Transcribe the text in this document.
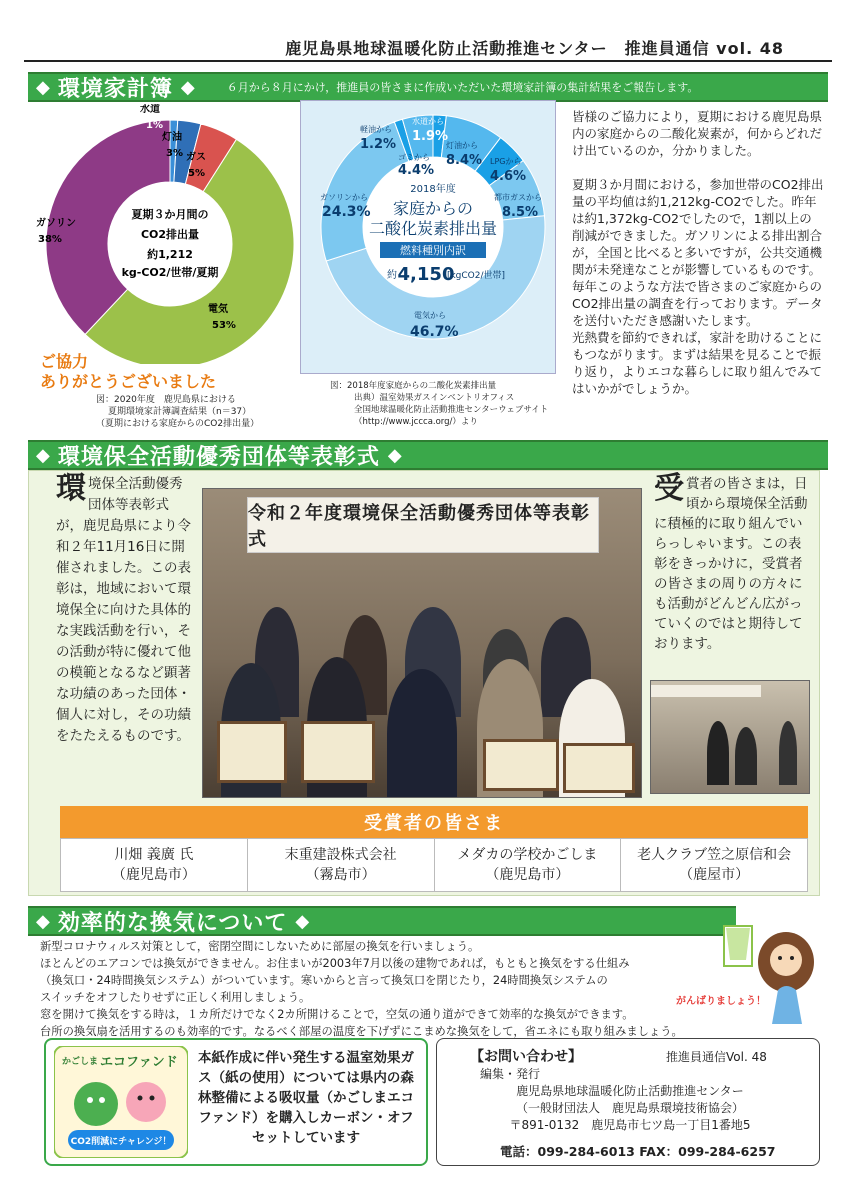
鹿児島県地球温暖化防止活動推進センター　推進員通信 vol. 48
◆ 環境家計簿 ◆	６月から８月にかけ，推進員の皆さまに作成いただいた環境家計簿の集計結果をご報告します。
水道
1%
灯油
3% ガス
5%
ガソリン
38%
電気
53%
夏期３か月間の
CO2排出量
約1,212
kg-CO2/世帯/夏期
ご協力
ありがとうございました
図：2020年度　鹿児島県における
夏期環境家計簿調査結果（n＝37）
（夏期における家庭からのCO2排出量）
2018年度
家庭からの
二酸化炭素排出量
燃料種別内訳
約 4,150
[kgCO2/世帯]
軽油から
1.2%
水道から
1.9%
ゴミから
4.4%
灯油から
8.4% LPGから
4.6%
都市ガスから
8.5%
ガソリンから
24.3%
電気から
46.7%
図：2018年度家庭からの二酸化炭素排出量
出典）温室効果ガスインベントリオフィス
全国地球温暖化防止活動推進センターウェブサイト
（http://www.jccca.org/）より

皆様のご協力により，夏期における鹿児島県内の家庭からの二酸化炭素が，何からどれだけ出ているのか，分かりました。

夏期３か月間における，参加世帯のCO2排出量の平均値は約1,212kg-CO2でした。昨年は約1,372kg-CO2でしたので，1割以上の削減ができました。ガソリンによる排出割合が，全国と比べると多いですが，公共交通機関が未発達なことが影響しているものです。

毎年このような方法で皆さまのご家庭からのCO2排出量の調査を行っております。データを送付いただき感謝いたします。

光熱費を節約できれば，家計を助けることにもつながります。まずは結果を見ることで振り返り，よりエコな暮らしに取り組んでみてはいかがでしょうか。

◆ 環境保全活動優秀団体等表彰式 ◆
環境保全活動優秀団体等表彰式が，鹿児島県により令和２年11月16日に開催されました。この表彰は，地域において環境保全に向けた具体的な実践活動を行い，その活動が特に優れて他の模範となるなど顕著な功績のあった団体・個人に対し，その功績をたたえるものです。
令和２年度環境保全活動優秀団体等表彰式
受賞者の皆さまは，日頃から環境保全活動に積極的に取り組んでいらっしゃいます。この表彰をきっかけに，受賞者の皆さまの周りの方々にも活動がどんどん広がっていくのではと期待しております。
受賞者の皆さま
川畑 義廣 氏
（鹿児島市）
末重建設株式会社
（霧島市）
メダカの学校かごしま
（鹿児島市）
老人クラブ笠之原信和会
（鹿屋市）
◆ 効率的な換気について ◆
新型コロナウィルス対策として，密閉空間にしないために部屋の換気を行いましょう。
ほとんどのエアコンでは換気ができません。お住まいが2003年7月以後の建物であれば，もともと換気をする仕組み
（換気口・24時間換気システム）がついています。寒いからと言って換気口を閉じたり，24時間換気システムの
スイッチをオフしたりせずに正しく利用しましょう。
窓を開けて換気をする時は，１カ所だけでなく2カ所開けることで，空気の通り道ができて効率的な換気ができます。
台所の換気扇を活用するのも効率的です。なるべく部屋の温度を下げずにこまめな換気をして，省エネにも取り組みましょう。
がんばりましょう！
かごしま エコファンド
CO2削減にチャレンジ！
本紙作成に伴い発生する温室効果ガス（紙の使用）については県内の森林整備による吸収量（かごしまエコファンド）を購入しカーボン・オフセットしています
【お問い合わせ】	推進員通信Vol. 48
編集・発行
鹿児島県地球温暖化防止活動推進センター
（一般財団法人　鹿児島県環境技術協会）
〒891-0132　鹿児島市七ツ島一丁目1番地5
電話：099-284-6013 FAX：099-284-6257
